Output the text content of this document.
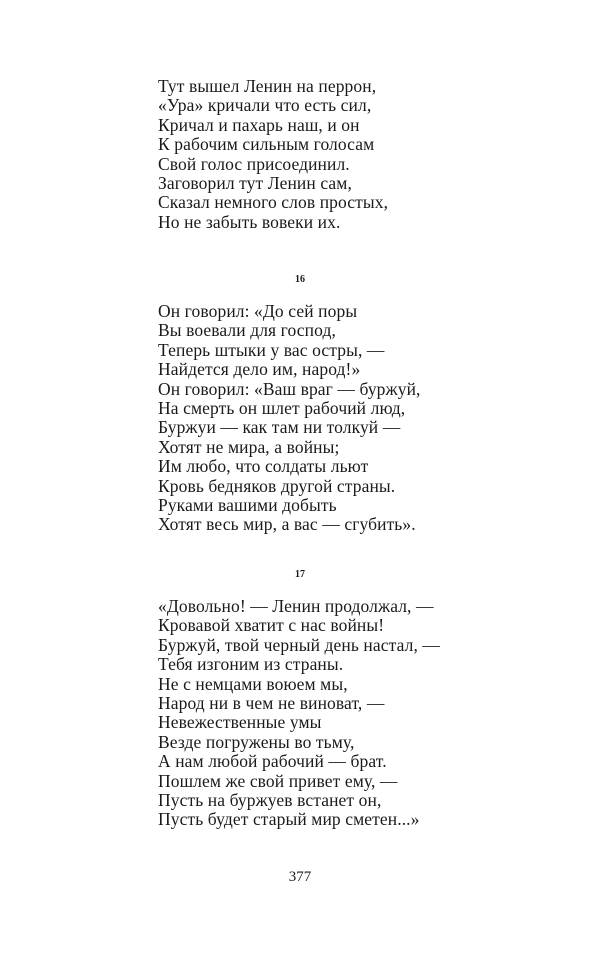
Тут вышел Ленин на перрон,
«Ура» кричали что есть сил,
Кричал и пахарь наш, и он
К рабочим сильным голосам
Свой голос присоединил.
Заговорил тут Ленин сам,
Сказал немного слов простых,
Но не забыть вовеки их.
16
Он говорил: «До сей поры
Вы воевали для господ,
Теперь штыки у вас остры, —
Найдется дело им, народ!»
Он говорил: «Ваш враг — буржуй,
На смерть он шлет рабочий люд,
Буржуи — как там ни толкуй —
Хотят не мира, а войны;
Им любо, что солдаты льют
Кровь бедняков другой страны.
Руками вашими добыть
Хотят весь мир, а вас — сгубить».
17
«Довольно! — Ленин продолжал, —
Кровавой хватит с нас войны!
Буржуй, твой черный день настал, —
Тебя изгоним из страны.
Не с немцами воюем мы,
Народ ни в чем не виноват, —
Невежественные умы
Везде погружены во тьму,
А нам любой рабочий — брат.
Пошлем же свой привет ему, —
Пусть на буржуев встанет он,
Пусть будет старый мир сметен...»
377
